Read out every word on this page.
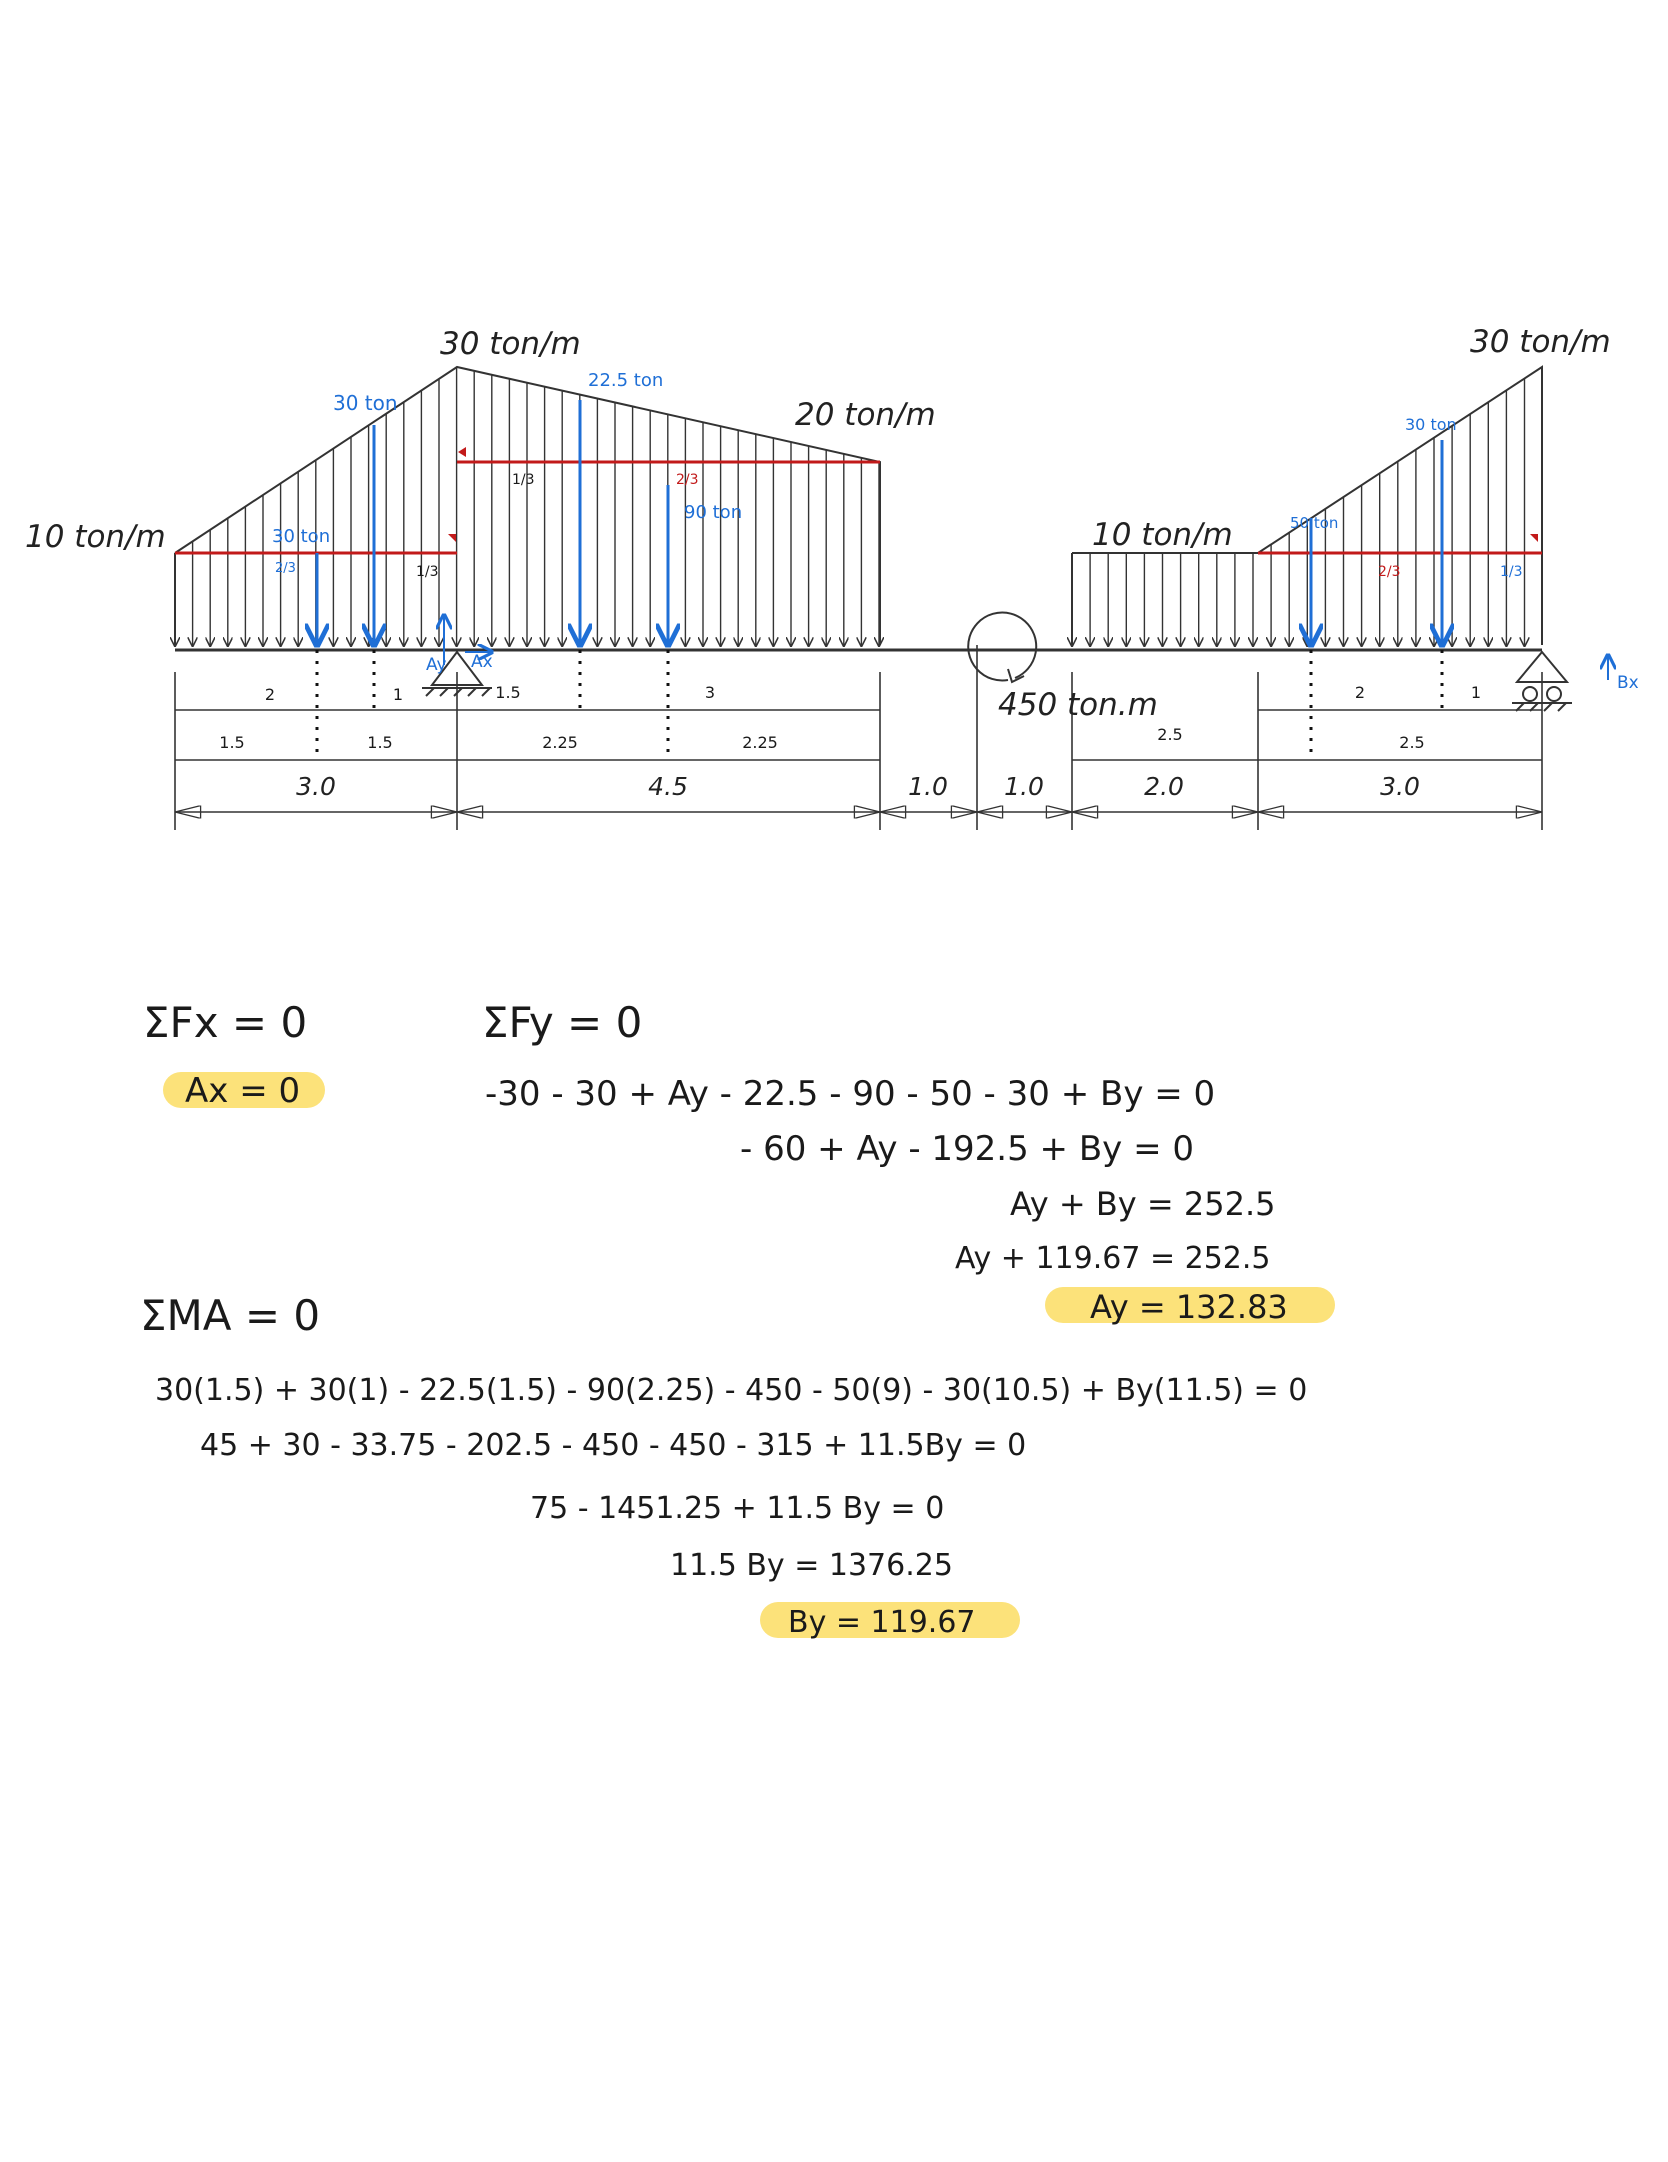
10 ton/m
30 ton/m
20 ton/m
10 ton/m
30 ton/m
30 ton
30 ton
22.5 ton
90 ton	50 ton
30 ton
2/3	1/3
1/3	2/3
2/3	1/3
Ay Ax
Bx
450 ton.m
2	1	1.5	3	2	1
1.5	1.5	2.25	2.25	2.5	2.5
3.0	4.5	1.0 1.0	2.0	3.0
ΣFx = 0
Ax = 0
ΣFy = 0
-30 - 30 + Ay - 22.5 - 90 - 50 - 30 + By = 0
- 60 + Ay - 192.5 + By = 0
Ay + By = 252.5
Ay + 119.67 = 252.5
Ay = 132.83
ΣMA = 0
30(1.5) + 30(1) - 22.5(1.5) - 90(2.25) - 450 - 50(9) - 30(10.5) + By(11.5) = 0
45 + 30 - 33.75 - 202.5 - 450 - 450 - 315 + 11.5By = 0
75 - 1451.25 + 11.5 By = 0
11.5 By = 1376.25
By = 119.67
